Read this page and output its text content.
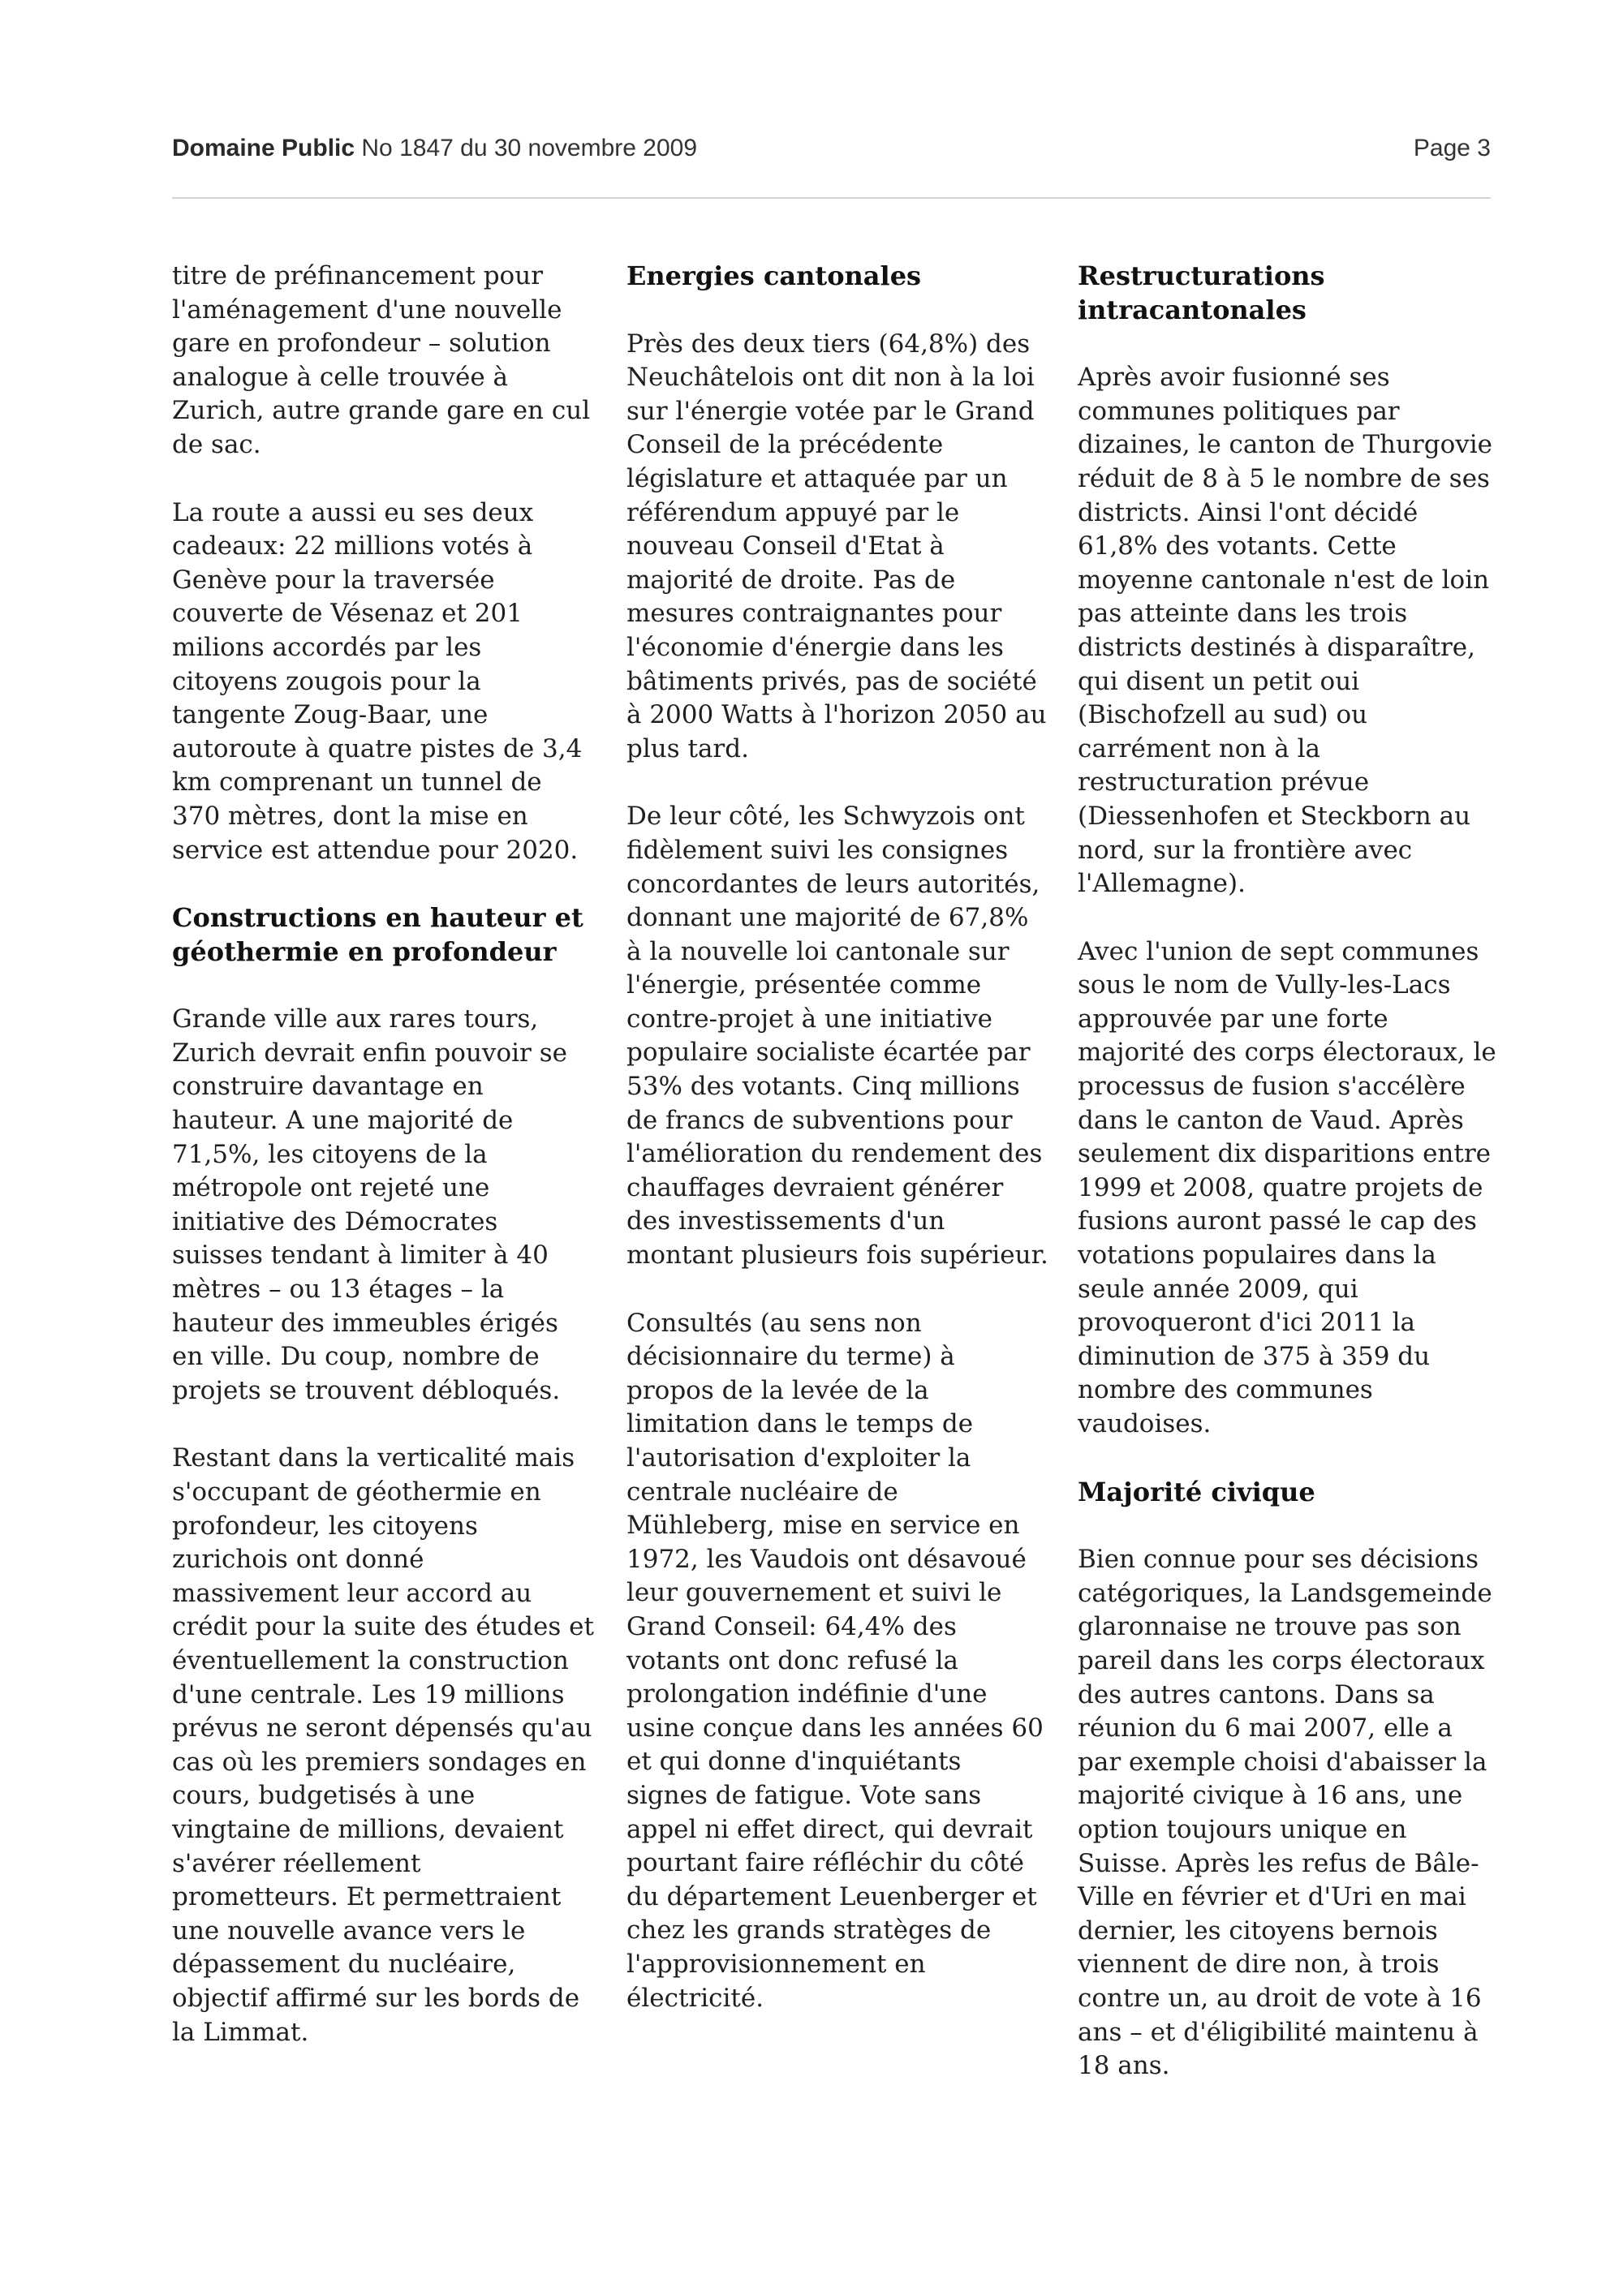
Domaine Public No 1847 du 30 novembre 2009	Page 3

titre de préfinancement pour l'aménagement d'une nouvelle gare en profondeur – solution analogue à celle trouvée à Zurich, autre grande gare en cul de sac.

La route a aussi eu ses deux cadeaux: 22 millions votés à Genève pour la traversée couverte de Vésenaz et 201 milions accordés par les citoyens zougois pour la tangente Zoug-Baar, une autoroute à quatre pistes de 3,4 km comprenant un tunnel de 370 mètres, dont la mise en service est attendue pour 2020.

Constructions en hauteur et géothermie en profondeur

Grande ville aux rares tours, Zurich devrait enfin pouvoir se construire davantage en hauteur. A une majorité de 71,5%, les citoyens de la métropole ont rejeté une initiative des Démocrates suisses tendant à limiter à 40 mètres – ou 13 étages – la hauteur des immeubles érigés en ville. Du coup, nombre de projets se trouvent débloqués.

Restant dans la verticalité mais s'occupant de géothermie en profondeur, les citoyens zurichois ont donné massivement leur accord au crédit pour la suite des études et éventuellement la construction d'une centrale. Les 19 millions prévus ne seront dépensés qu'au cas où les premiers sondages en cours, budgetisés à une vingtaine de millions, devaient s'avérer réellement prometteurs. Et permettraient une nouvelle avance vers le dépassement du nucléaire, objectif affirmé sur les bords de la Limmat.

Energies cantonales

Près des deux tiers (64,8%) des Neuchâtelois ont dit non à la loi sur l'énergie votée par le Grand Conseil de la précédente législature et attaquée par un référendum appuyé par le nouveau Conseil d'Etat à majorité de droite. Pas de mesures contraignantes pour l'économie d'énergie dans les bâtiments privés, pas de société à 2000 Watts à l'horizon 2050 au plus tard.

De leur côté, les Schwyzois ont fidèlement suivi les consignes concordantes de leurs autorités, donnant une majorité de 67,8% à la nouvelle loi cantonale sur l'énergie, présentée comme contre-projet à une initiative populaire socialiste écartée par 53% des votants. Cinq millions de francs de subventions pour l'amélioration du rendement des chauffages devraient générer des investissements d'un montant plusieurs fois supérieur.

Consultés (au sens non décisionnaire du terme) à propos de la levée de la limitation dans le temps de l'autorisation d'exploiter la centrale nucléaire de Mühleberg, mise en service en 1972, les Vaudois ont désavoué leur gouvernement et suivi le Grand Conseil: 64,4% des votants ont donc refusé la prolongation indéfinie d'une usine conçue dans les années 60 et qui donne d'inquiétants signes de fatigue. Vote sans appel ni effet direct, qui devrait pourtant faire réfléchir du côté du département Leuenberger et chez les grands stratèges de l'approvisionnement en électricité.

Restructurations intracantonales

Après avoir fusionné ses communes politiques par dizaines, le canton de Thurgovie réduit de 8 à 5 le nombre de ses districts. Ainsi l'ont décidé 61,8% des votants. Cette moyenne cantonale n'est de loin pas atteinte dans les trois districts destinés à disparaître, qui disent un petit oui (Bischofzell au sud) ou carrément non à la restructuration prévue (Diessenhofen et Steckborn au nord, sur la frontière avec l'Allemagne).

Avec l'union de sept communes sous le nom de Vully-les-Lacs approuvée par une forte majorité des corps électoraux, le processus de fusion s'accélère dans le canton de Vaud. Après seulement dix disparitions entre 1999 et 2008, quatre projets de fusions auront passé le cap des votations populaires dans la seule année 2009, qui provoqueront d'ici 2011 la diminution de 375 à 359 du nombre des communes vaudoises.

Majorité civique

Bien connue pour ses décisions catégoriques, la Landsgemeinde glaronnaise ne trouve pas son pareil dans les corps électoraux des autres cantons. Dans sa réunion du 6 mai 2007, elle a par exemple choisi d'abaisser la majorité civique à 16 ans, une option toujours unique en Suisse. Après les refus de Bâle-Ville en février et d'Uri en mai dernier, les citoyens bernois viennent de dire non, à trois contre un, au droit de vote à 16 ans – et d'éligibilité maintenu à 18 ans.
